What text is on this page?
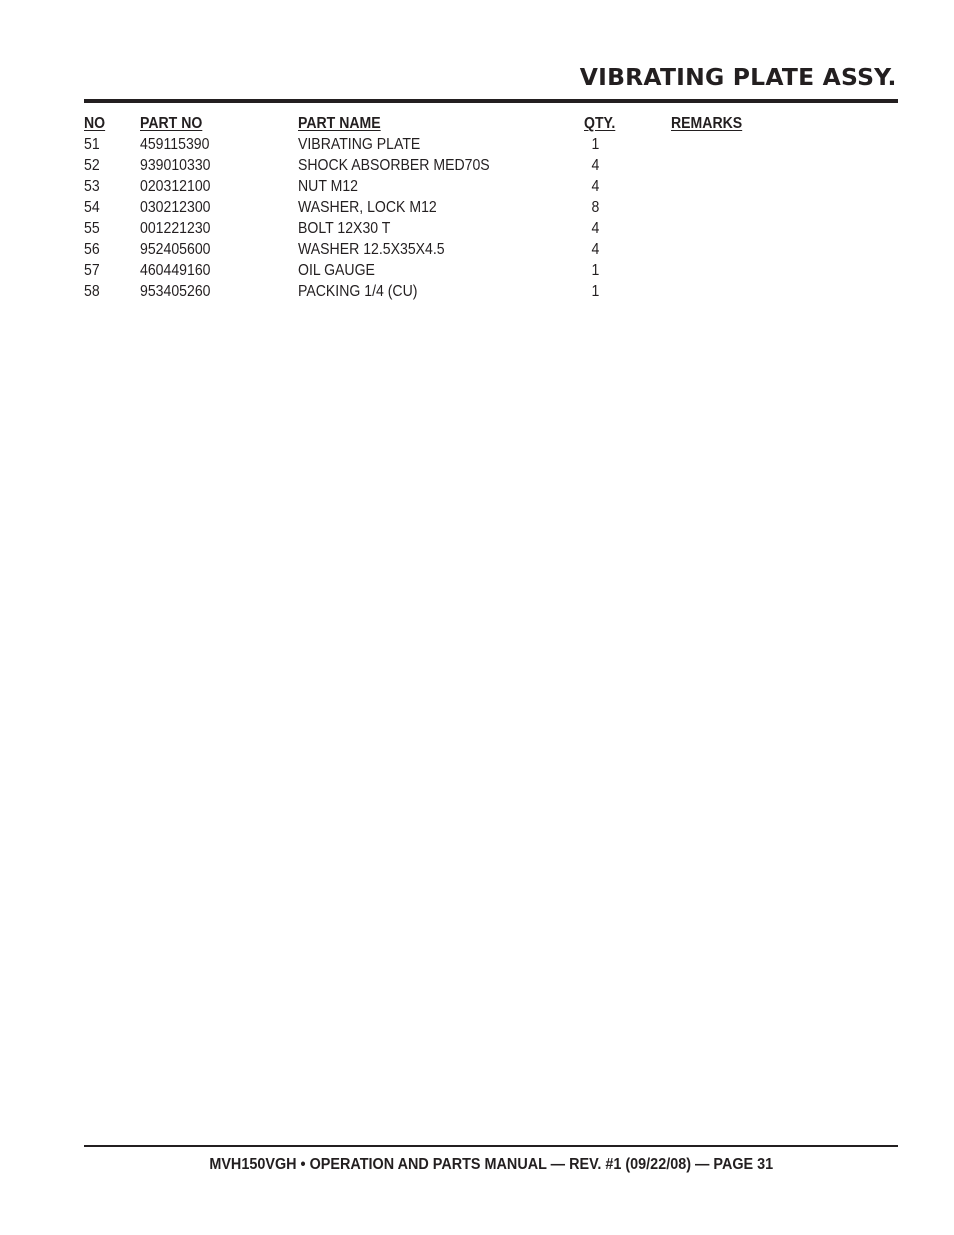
VIBRATING PLATE ASSY.
NO PART NO	PART NAME	QTY.	REMARKS
51	459115390	VIBRATING PLATE	1
52	939010330	SHOCK ABSORBER MED70S	4
53	020312100	NUT M12	4
54	030212300	WASHER, LOCK M12	8
55	001221230	BOLT 12X30 T	4
56	952405600	WASHER 12.5X35X4.5	4
57	460449160	OIL GAUGE	1
58	953405260	PACKING 1/4 (CU)	1
MVH150VGH • OPERATION AND PARTS MANUAL — REV. #1 (09/22/08) — PAGE 31
